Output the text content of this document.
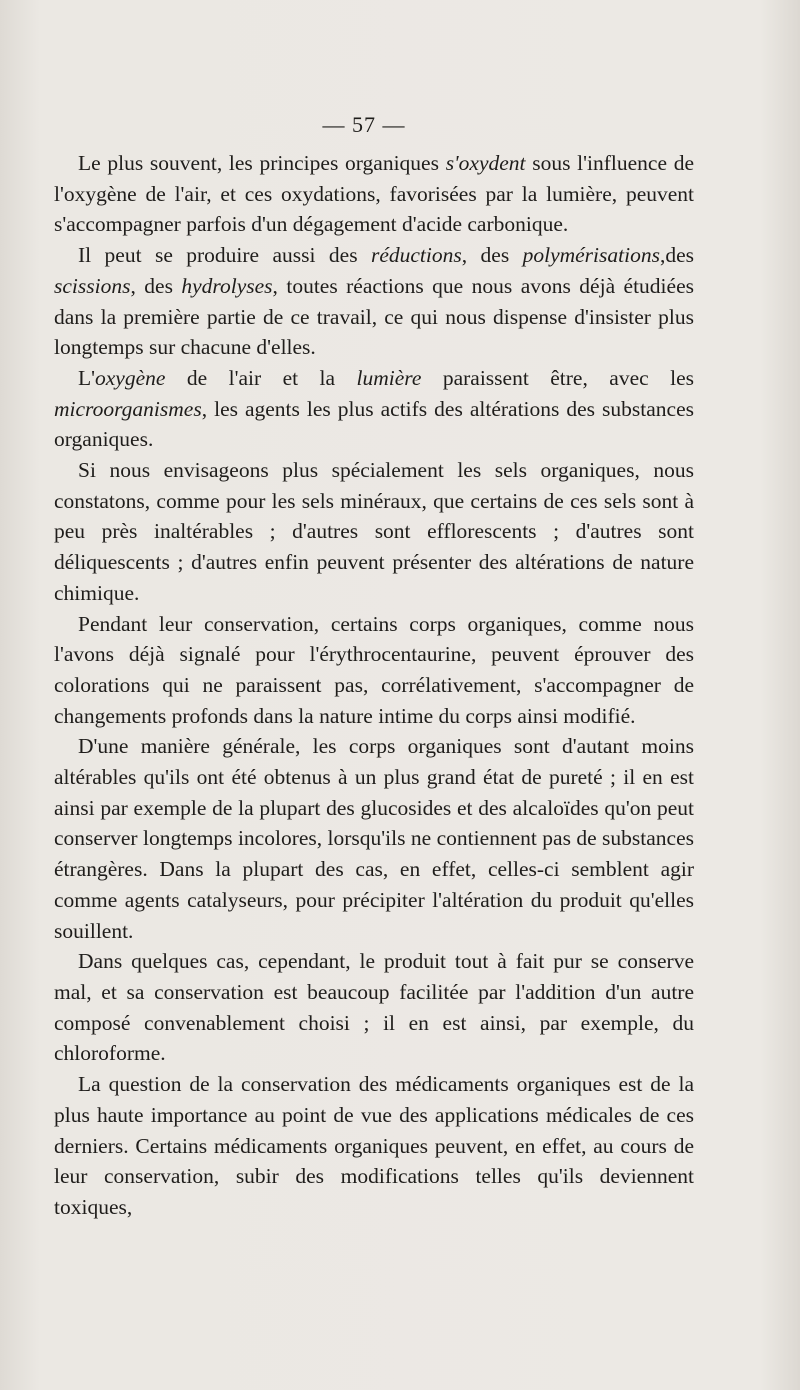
— 57 —

Le plus souvent, les principes organiques s'oxydent sous l'influence de l'oxygène de l'air, et ces oxydations, favorisées par la lumière, peuvent s'accompagner parfois d'un dégagement d'acide carbonique.

Il peut se produire aussi des réductions, des polymérisations,des scissions, des hydrolyses, toutes réactions que nous avons déjà étudiées dans la première partie de ce travail, ce qui nous dispense d'insister plus longtemps sur chacune d'elles.

L'oxygène de l'air et la lumière paraissent être, avec les microorganismes, les agents les plus actifs des altérations des substances organiques.

Si nous envisageons plus spécialement les sels organiques, nous constatons, comme pour les sels minéraux, que certains de ces sels sont à peu près inaltérables ; d'autres sont efflorescents ; d'autres sont déliquescents ; d'autres enfin peuvent présenter des altérations de nature chimique.

Pendant leur conservation, certains corps organiques, comme nous l'avons déjà signalé pour l'érythrocentaurine, peuvent éprouver des colorations qui ne paraissent pas, corrélativement, s'accompagner de changements profonds dans la nature intime du corps ainsi modifié.

D'une manière générale, les corps organiques sont d'autant moins altérables qu'ils ont été obtenus à un plus grand état de pureté ; il en est ainsi par exemple de la plupart des glucosides et des alcaloïdes qu'on peut conserver longtemps incolores, lorsqu'ils ne contiennent pas de substances étrangères. Dans la plupart des cas, en effet, celles-ci semblent agir comme agents catalyseurs, pour précipiter l'altération du produit qu'elles souillent.

Dans quelques cas, cependant, le produit tout à fait pur se conserve mal, et sa conservation est beaucoup facilitée par l'addition d'un autre composé convenablement choisi ; il en est ainsi, par exemple, du chloroforme.

La question de la conservation des médicaments organiques est de la plus haute importance au point de vue des applications médicales de ces derniers. Certains médicaments organiques peuvent, en effet, au cours de leur conservation, subir des modifications telles qu'ils deviennent toxiques,
